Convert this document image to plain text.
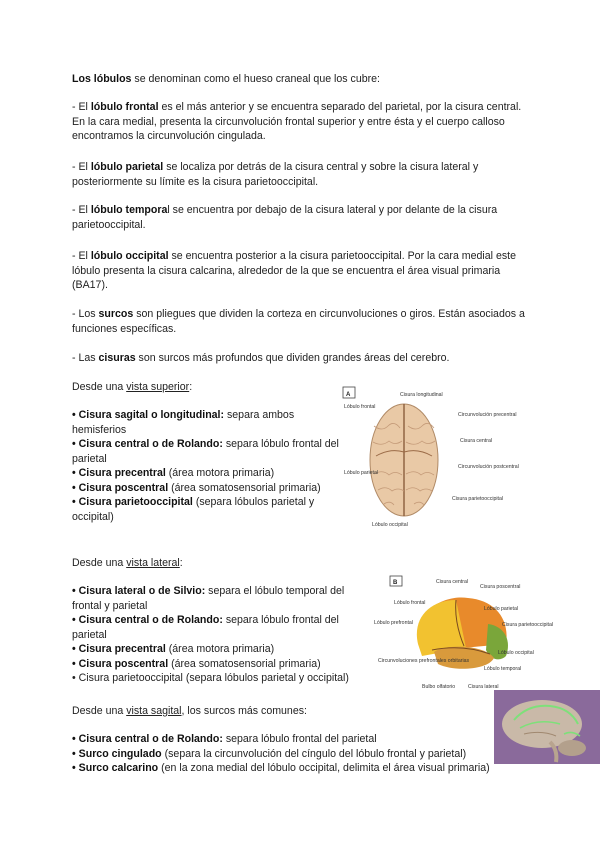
Los lóbulos se denominan como el hueso craneal que los cubre:

- El lóbulo frontal es el más anterior y se encuentra separado del parietal, por la cisura central. En la cara medial, presenta la circunvolución frontal superior y entre ésta y el cuerpo calloso encontramos la circunvolución cingulada.

- El lóbulo parietal se localiza por detrás de la cisura central y sobre la cisura lateral y posteriormente su límite es la cisura parietooccipital.

- El lóbulo temporal se encuentra por debajo de la cisura lateral y por delante de la cisura parietooccipital.

- El lóbulo occipital se encuentra posterior a la cisura parietooccipital. Por la cara medial este lóbulo presenta la cisura calcarina, alrededor de la que se encuentra el área visual primaria (BA17).

- Los surcos son pliegues que dividen la corteza en circunvoluciones o giros. Están asociados a funciones específicas.

- Las cisuras son surcos más profundos que dividen grandes áreas del cerebro.

Desde una vista superior:

• Cisura sagital o longitudinal: separa ambos hemisferios
• Cisura central o de Rolando: separa lóbulo frontal del parietal
• Cisura precentral (área motora primaria)
• Cisura poscentral (área somatosensorial primaria)
• Cisura parietooccipital (separa lóbulos parietal y occipital)
A	Cisura longitudinal
Lóbulo frontal
Circunvolución precentral
Cisura central
Lóbulo parietal
Circunvolución postcentral
Cisura parietooccipital
Lóbulo occipital

Desde una vista lateral:

• Cisura lateral o de Silvio: separa el lóbulo temporal del frontal y parietal
• Cisura central o de Rolando: separa lóbulo frontal del parietal
• Cisura precentral (área motora primaria)
• Cisura poscentral (área somatosensorial primaria)
• Cisura parietooccipital (separa lóbulos parietal y occipital)
B	Cisura central
Cisura poscentral
Lóbulo frontal
Lóbulo parietal
Lóbulo prefrontal	Cisura parietooccipital
Circunvoluciones prefrontales orbitarias
Lóbulo occipital
Lóbulo temporal
Bulbo olfatorio Cisura lateral

Desde una vista sagital, los surcos más comunes:

• Cisura central o de Rolando: separa lóbulo frontal del parietal
• Surco cingulado (separa la circunvolución del cíngulo del lóbulo frontal y parietal)
• Surco calcarino (en la zona medial del lóbulo occipital, delimita el área visual primaria)
